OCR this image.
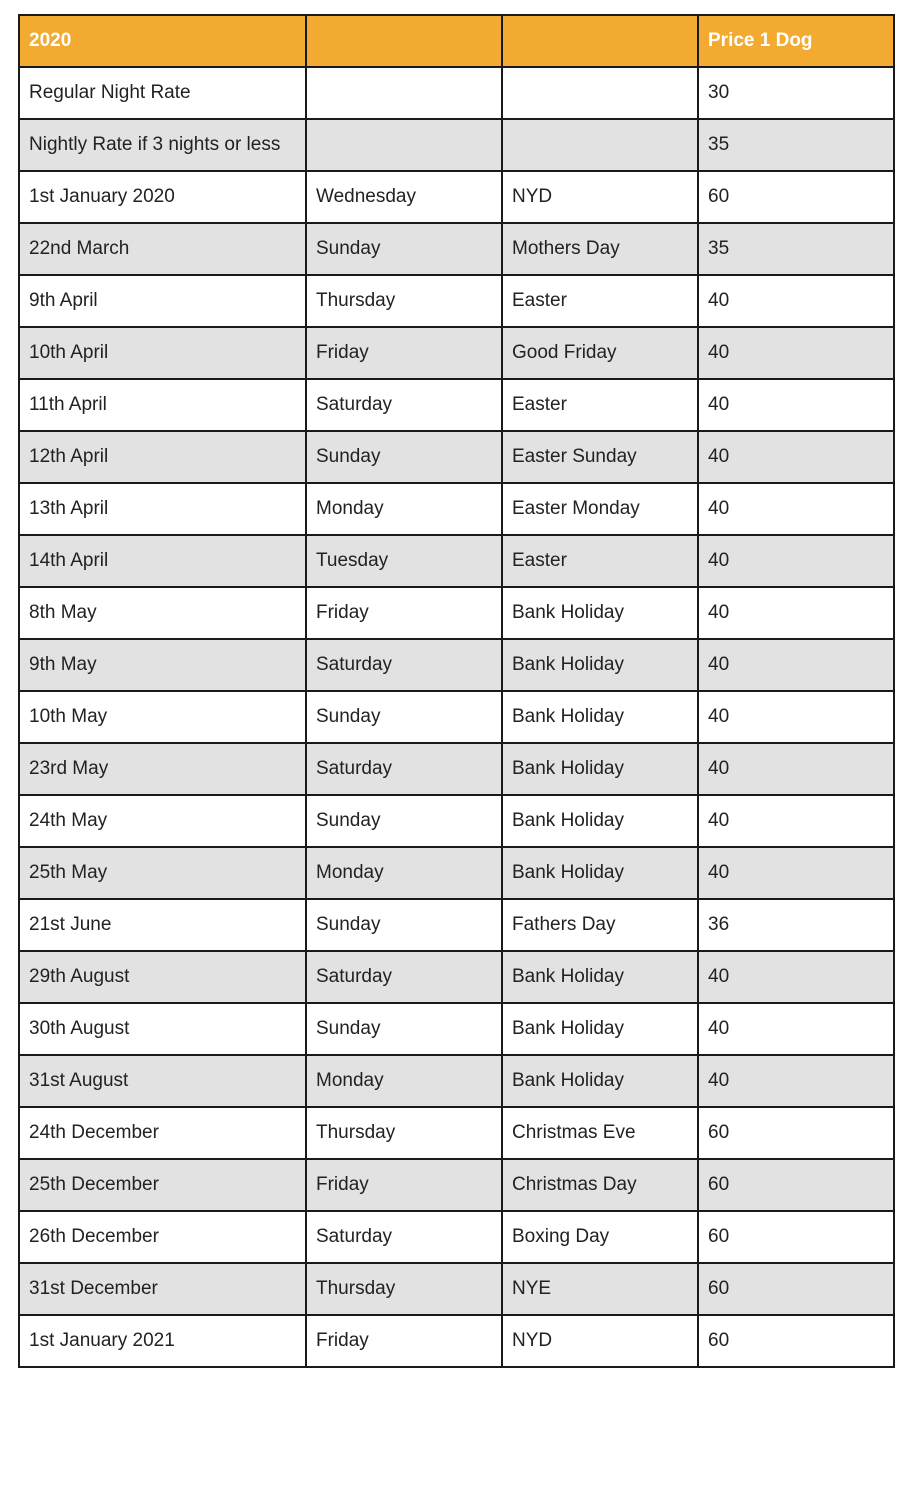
2020			Price 1 Dog
Regular Night Rate			30
Nightly Rate if 3 nights or less			35
1st January 2020	Wednesday	NYD	60
22nd March	Sunday	Mothers Day	35
9th April	Thursday	Easter	40
10th April	Friday	Good Friday	40
11th April	Saturday	Easter	40
12th April	Sunday	Easter Sunday	40
13th April	Monday	Easter Monday	40
14th April	Tuesday	Easter	40
8th May	Friday	Bank Holiday	40
9th May	Saturday	Bank Holiday	40
10th May	Sunday	Bank Holiday	40
23rd May	Saturday	Bank Holiday	40
24th May	Sunday	Bank Holiday	40
25th May	Monday	Bank Holiday	40
21st June	Sunday	Fathers Day	36
29th August	Saturday	Bank Holiday	40
30th August	Sunday	Bank Holiday	40
31st August	Monday	Bank Holiday	40
24th December	Thursday	Christmas Eve	60
25th December	Friday	Christmas Day	60
26th December	Saturday	Boxing Day	60
31st December	Thursday	NYE	60
1st January 2021	Friday	NYD	60
